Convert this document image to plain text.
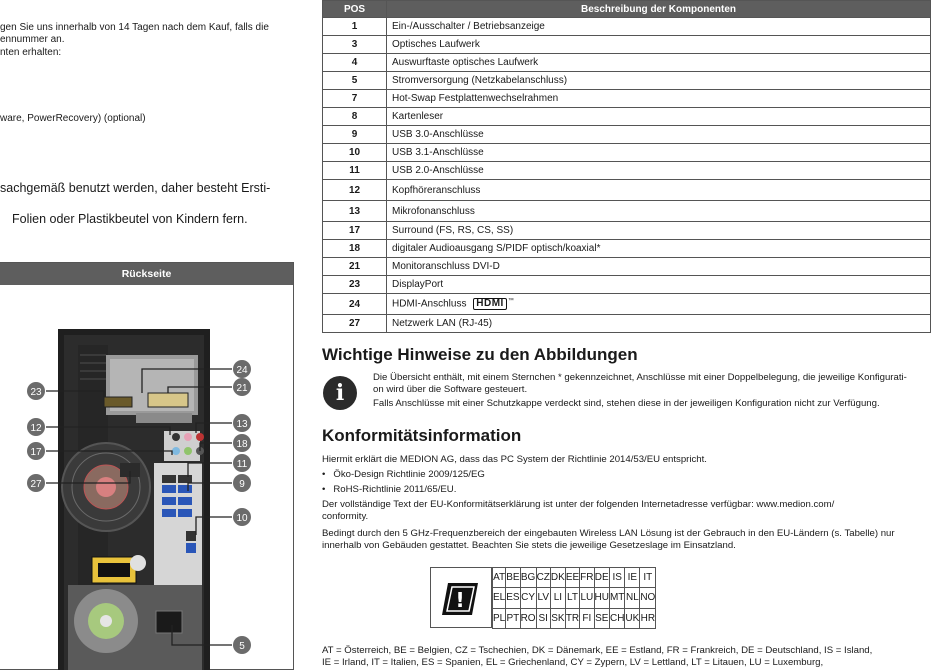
gen Sie uns innerhalb von 14 Tagen nach dem Kauf, falls die
ennummer an.
nten erhalten:
ware, PowerRecovery) (optional)
sachgemäß benutzt werden, daher besteht Ersti-
Folien oder Plastikbeutel von Kindern fern.
Rückseite
24
21
23
12	13
18
17
11
9
27
10
5
POS	Beschreibung der Komponenten
1	Ein-/Ausschalter / Betriebsanzeige
3	Optisches Laufwerk
4	Auswurftaste optisches Laufwerk
5	Stromversorgung (Netzkabelanschluss)
7	Hot-Swap Festplattenwechselrahmen
8	Kartenleser
9	USB 3.0-Anschlüsse
10	USB 3.1-Anschlüsse
11	USB 2.0-Anschlüsse
12	Kopfhöreranschluss
13	Mikrofonanschluss
17	Surround (FS, RS, CS, SS)
18	digitaler Audioausgang S/PIDF optisch/koaxial*
21	Monitoranschluss DVI-D
23	DisplayPort
24	HDMI-Anschluss HDMI ™
27	Netzwerk LAN (RJ-45)
Wichtige Hinweise zu den Abbildungen
i
Die Übersicht enthält, mit einem Sternchen * gekennzeichnet, Anschlüsse mit einer Doppelbelegung, die jeweilige Konfigurati-
on wird über die Software gesteuert.
Falls Anschlüsse mit einer Schutzkappe verdeckt sind, stehen diese in der jeweiligen Konfiguration nicht zur Verfügung.
Konformitätsinformation
Hiermit erklärt die MEDION AG, dass das PC System der Richtlinie 2014/53/EU entspricht.
•   Öko-Design Richtlinie 2009/125/EG
•   RoHS-Richtlinie 2011/65/EU.
Der vollständige Text der EU-Konformitätserklärung ist unter der folgenden Internetadresse verfügbar: www.medion.com/
conformity.
Bedingt durch den 5 GHz-Frequenzbereich der eingebauten Wireless LAN Lösung ist der Gebrauch in den EU-Ländern (s. Tabelle) nur
innerhalb von Gebäuden gestattet. Beachten Sie stets die jeweilige Gesetzeslage im Einsatzland.
!
AT	BE	BG	CZ	DK	EE	FR	DE	IS	IE	IT
EL	ES	CY	LV	LI	LT	LU	HU	MT	NL	NO
PL	PT	RO	SI	SK	TR	FI	SE	CH	UK	HR
AT = Österreich, BE = Belgien, CZ = Tschechien, DK = Dänemark, EE = Estland, FR = Frankreich, DE = Deutschland, IS = Island,
IE = Irland, IT = Italien, ES = Spanien, EL = Griechenland, CY = Zypern, LV = Lettland, LT = Litauen, LU = Luxemburg,
